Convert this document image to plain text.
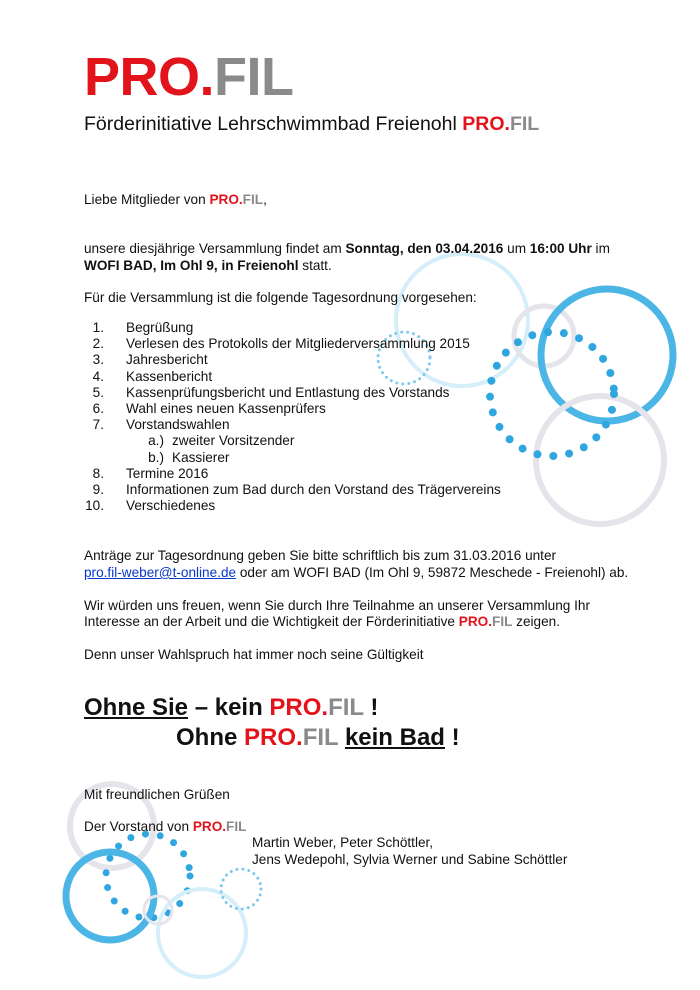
PRO.FIL
Förderinitiative Lehrschwimmbad Freienohl PRO.FIL
Liebe Mitglieder von PRO.FIL,
unsere diesjährige Versammlung findet am Sonntag, den 03.04.2016 um 16:00 Uhr im
WOFI BAD, Im Ohl 9, in Freienohl statt.
Für die Versammlung ist die folgende Tagesordnung vorgesehen:
1. Begrüßung
2. Verlesen des Protokolls der Mitgliederversammlung 2015
3. Jahresbericht
4. Kassenbericht
5. Kassenprüfungsbericht und Entlastung des Vorstands
6. Wahl eines neuen Kassenprüfers
7. Vorstandswahlen
a.) zweiter Vorsitzender
b.) Kassierer
8. Termine 2016
9. Informationen zum Bad durch den Vorstand des Trägervereins
10. Verschiedenes
Anträge zur Tagesordnung geben Sie bitte schriftlich bis zum 31.03.2016 unter
pro.fil-weber@t-online.de oder am WOFI BAD (Im Ohl 9, 59872 Meschede - Freienohl) ab.
Wir würden uns freuen, wenn Sie durch Ihre Teilnahme an unserer Versammlung Ihr
Interesse an der Arbeit und die Wichtigkeit der Förderinitiative PRO.FIL zeigen.
Denn unser Wahlspruch hat immer noch seine Gültigkeit
Ohne Sie – kein PRO.FIL !
Ohne PRO.FIL kein Bad !
Mit freundlichen Grüßen
Der Vorstand von PRO.FIL
Martin Weber, Peter Schöttler,
Jens Wedepohl, Sylvia Werner und Sabine Schöttler
